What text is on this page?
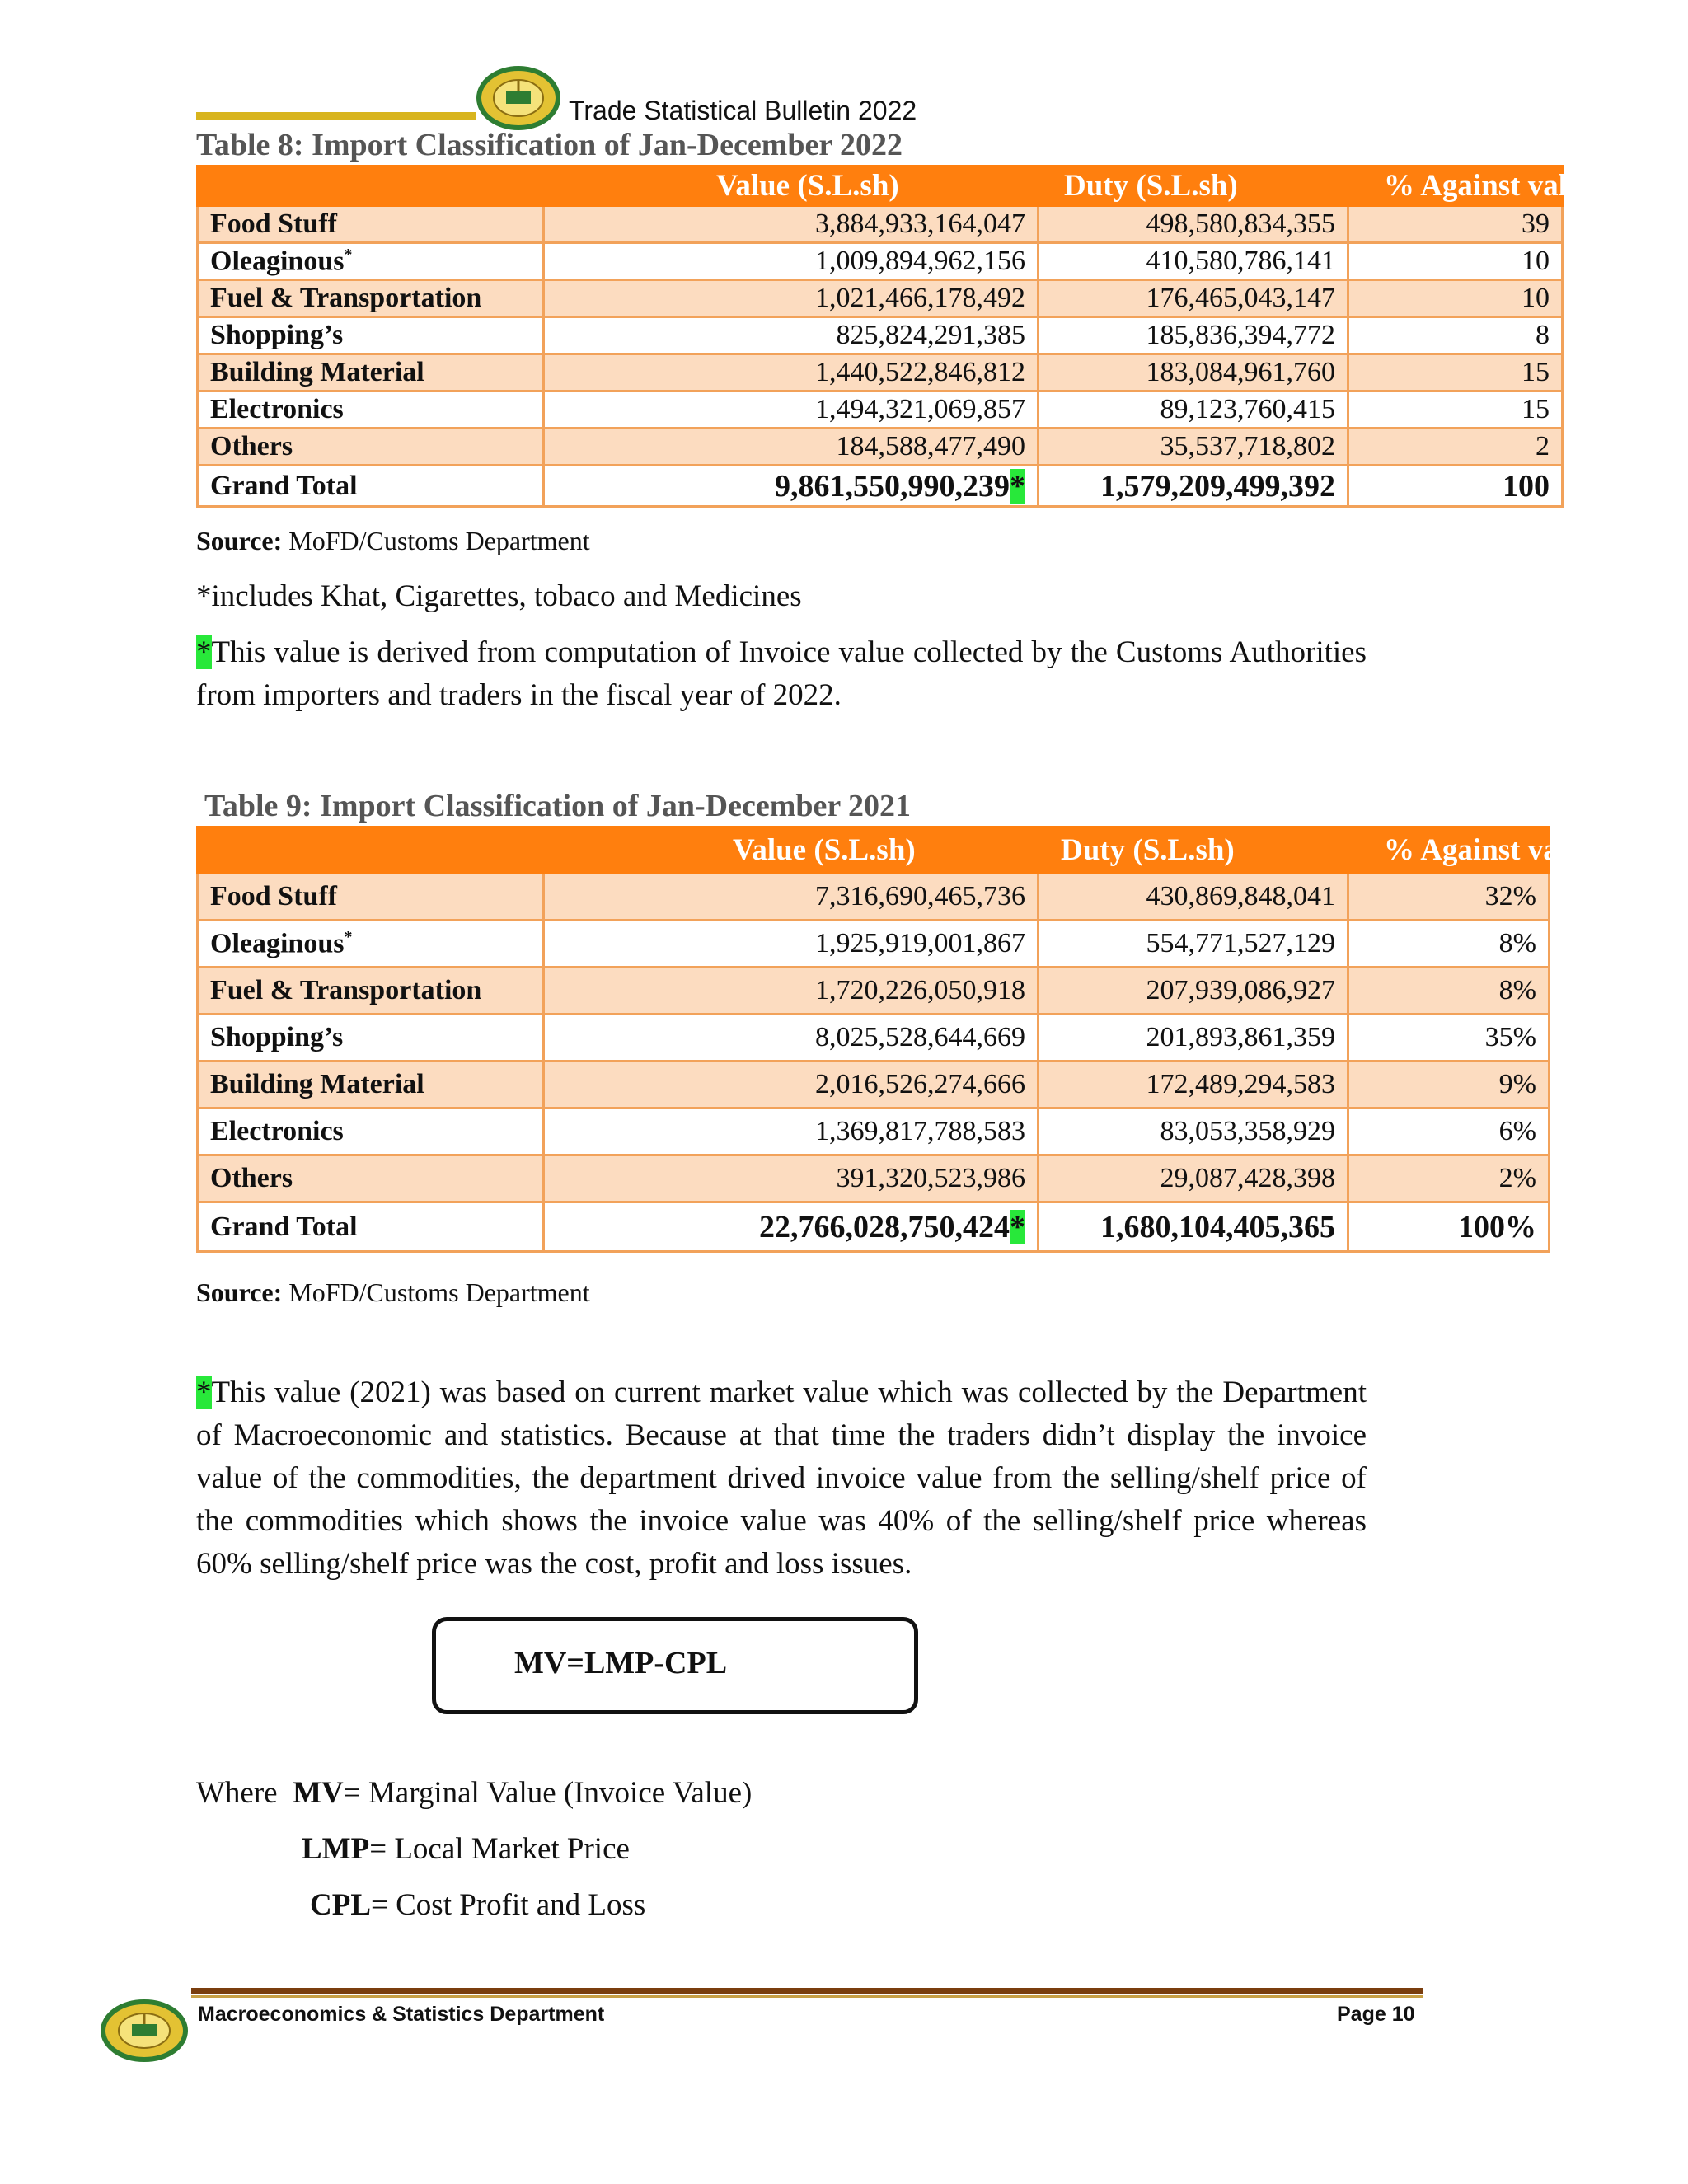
Trade Statistical Bulletin 2022
Table 8: Import Classification of Jan-December 2022
	Value (S.L.sh)	Duty (S.L.sh)	% Against value
Food Stuff	3,884,933,164,047	498,580,834,355	39
Oleaginous*	1,009,894,962,156	410,580,786,141	10
Fuel & Transportation	1,021,466,178,492	176,465,043,147	10
Shopping’s	825,824,291,385	185,836,394,772	8
Building Material	1,440,522,846,812	183,084,961,760	15
Electronics	1,494,321,069,857	89,123,760,415	15
Others	184,588,477,490	35,537,718,802	2
Grand Total	9,861,550,990,239*	1,579,209,499,392	100
Source: MoFD/Customs Department
*includes Khat, Cigarettes, tobaco and Medicines
*This value is derived from computation of Invoice value collected by the Customs Authorities from importers and traders in the fiscal year of 2022.
Table 9: Import Classification of Jan-December 2021
	Value (S.L.sh)	Duty (S.L.sh)	% Against value
Food Stuff	7,316,690,465,736	430,869,848,041	32%
Oleaginous*	1,925,919,001,867	554,771,527,129	8%
Fuel & Transportation	1,720,226,050,918	207,939,086,927	8%
Shopping’s	8,025,528,644,669	201,893,861,359	35%
Building Material	2,016,526,274,666	172,489,294,583	9%
Electronics	1,369,817,788,583	83,053,358,929	6%
Others	391,320,523,986	29,087,428,398	2%
Grand Total	22,766,028,750,424*	1,680,104,405,365	100%
Source: MoFD/Customs Department
*This value (2021) was based on current market value which was collected by the Department of Macroeconomic and statistics. Because at that time the traders didn’t display the invoice value of the commodities, the department drived invoice value from the selling/shelf price of the commodities which shows the invoice value was 40% of the selling/shelf price whereas 60% selling/shelf price was the cost, profit and loss issues.
MV=LMP-CPL
Where MV= Marginal Value (Invoice Value)
LMP= Local Market Price
CPL= Cost Profit and Loss
Macroeconomics & Statistics Department	Page 10
